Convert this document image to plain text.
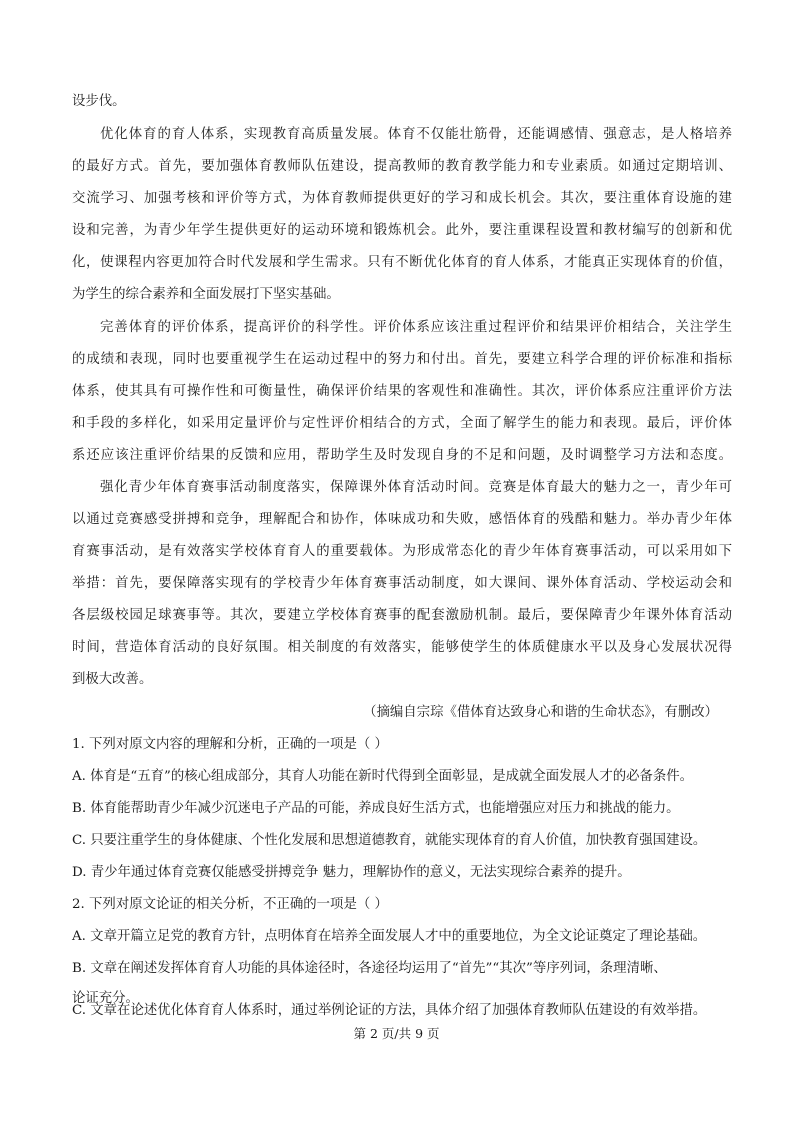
设步伐。
优化体育的育人体系，实现教育高质量发展。体育不仅能壮筋骨，还能调感情、强意志，是人格培养
的最好方式。首先，要加强体育教师队伍建设，提高教师的教育教学能力和专业素质。如通过定期培训、
交流学习、加强考核和评价等方式，为体育教师提供更好的学习和成长机会。其次，要注重体育设施的建
设和完善，为青少年学生提供更好的运动环境和锻炼机会。此外，要注重课程设置和教材编写的创新和优
化，使课程内容更加符合时代发展和学生需求。只有不断优化体育的育人体系，才能真正实现体育的价值，
为学生的综合素养和全面发展打下坚实基础。
完善体育的评价体系，提高评价的科学性。评价体系应该注重过程评价和结果评价相结合，关注学生
的成绩和表现，同时也要重视学生在运动过程中的努力和付出。首先，要建立科学合理的评价标准和指标
体系，使其具有可操作性和可衡量性，确保评价结果的客观性和准确性。其次，评价体系应注重评价方法
和手段的多样化，如采用定量评价与定性评价相结合的方式，全面了解学生的能力和表现。最后，评价体
系还应该注重评价结果的反馈和应用，帮助学生及时发现自身的不足和问题，及时调整学习方法和态度。
强化青少年体育赛事活动制度落实，保障课外体育活动时间。竞赛是体育最大的魅力之一，青少年可
以通过竞赛感受拼搏和竞争，理解配合和协作，体味成功和失败，感悟体育的残酷和魅力。举办青少年体
育赛事活动，是有效落实学校体育育人的重要载体。为形成常态化的青少年体育赛事活动，可以采用如下
举措：首先，要保障落实现有的学校青少年体育赛事活动制度，如大课间、课外体育活动、学校运动会和
各层级校园足球赛事等。其次，要建立学校体育赛事的配套激励机制。最后，要保障青少年课外体育活动
时间，营造体育活动的良好氛围。相关制度的有效落实，能够使学生的体质健康水平以及身心发展状况得
到极大改善。
（摘编自宗琮《借体育达致身心和谐的生命状态》，有删改）
1. 下列对原文内容的理解和分析，正确的一项是（ ）
A. 体育是“五育”的核心组成部分，其育人功能在新时代得到全面彰显，是成就全面发展人才的必备条件。
B. 体育能帮助青少年减少沉迷电子产品的可能，养成良好生活方式，也能增强应对压力和挑战的能力。
C. 只要注重学生的身体健康、个性化发展和思想道德教育，就能实现体育的育人价值，加快教育强国建设。
D. 青少年通过体育竞赛仅能感受拼搏竞争 魅力，理解协作的意义，无法实现综合素养的提升。
2. 下列对原文论证的相关分析，不正确的一项是（ ）
A. 文章开篇立足党的教育方针，点明体育在培养全面发展人才中的重要地位，为全文论证奠定了理论基础。
B. 文章在阐述发挥体育育人功能的具体途径时，各途径均运用了“首先”“其次”等序列词，条理清晰、
论证充分。
C. 文章在论述优化体育育人体系时，通过举例论证的方法，具体介绍了加强体育教师队伍建设的有效举措。
第 2 页/共 9 页
